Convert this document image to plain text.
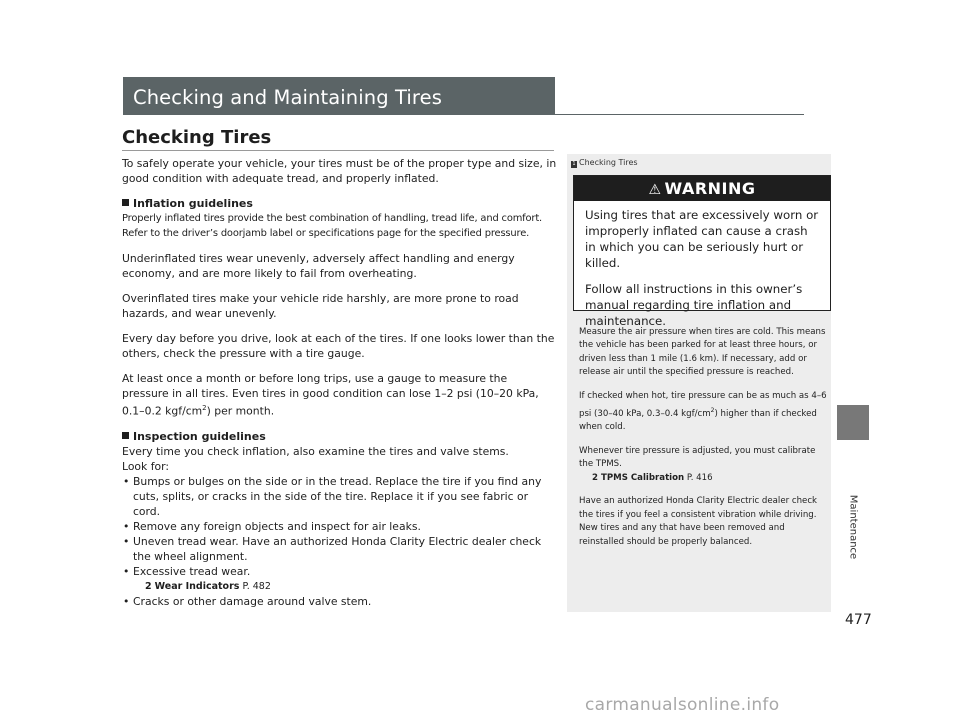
Checking and Maintaining Tires
Checking Tires

To safely operate your vehicle, your tires must be of the proper type and size, in good condition with adequate tread, and properly inflated.

Inflation guidelines

Properly inflated tires provide the best combination of handling, tread life, and comfort. Refer to the driver’s doorjamb label or specifications page for the specified pressure.

Underinflated tires wear unevenly, adversely affect handling and energy economy, and are more likely to fail from overheating.

Overinflated tires make your vehicle ride harshly, are more prone to road hazards, and wear unevenly.

Every day before you drive, look at each of the tires. If one looks lower than the others, check the pressure with a tire gauge.

At least once a month or before long trips, use a gauge to measure the pressure in all tires. Even tires in good condition can lose 1–2 psi (10–20 kPa, 0.1–0.2 kgf/$cm^2$) per month.

Inspection guidelines
Every time you check inflation, also examine the tires and valve stems.
Look for:
• Bumps or bulges on the side or in the tread. Replace the tire if you find any cuts, splits, or cracks in the side of the tire. Replace it if you see fabric or cord.
• Remove any foreign objects and inspect for air leaks.
• Uneven tread wear. Have an authorized Honda Clarity Electric dealer check the wheel alignment.
• Excessive tread wear.
2 Wear Indicators P. 482
• Cracks or other damage around valve stem.
1 Checking Tires
⚠ WARNING

Using tires that are excessively worn or improperly inflated can cause a crash in which you can be seriously hurt or killed.

Follow all instructions in this owner’s manual regarding tire inflation and maintenance.

Measure the air pressure when tires are cold. This means the vehicle has been parked for at least three hours, or driven less than 1 mile (1.6 km). If necessary, add or release air until the specified pressure is reached.

If checked when hot, tire pressure can be as much as 4–6 psi (30–40 kPa, 0.3–0.4 kgf/$cm^2$) higher than if checked when cold.

Whenever tire pressure is adjusted, you must calibrate the TPMS.

2 TPMS Calibration P. 416

Have an authorized Honda Clarity Electric dealer check the tires if you feel a consistent vibration while driving. New tires and any that have been removed and reinstalled should be properly balanced.	Maintenance
477
carmanualsonline.info
